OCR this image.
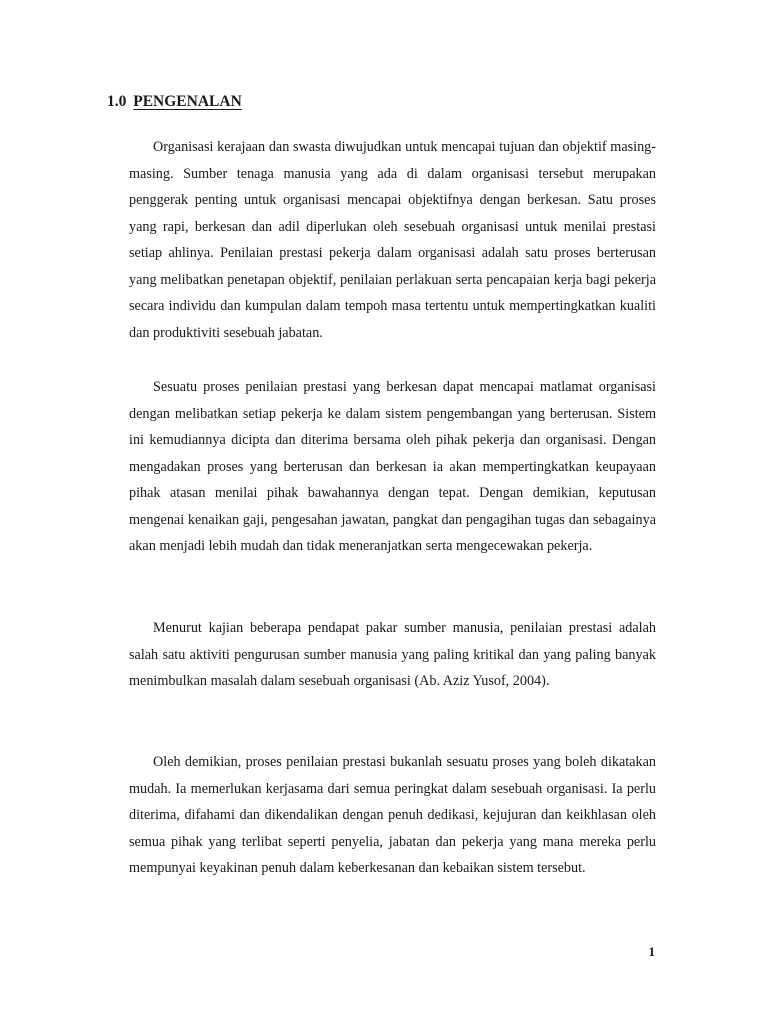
1.0 PENGENALAN

Organisasi kerajaan dan swasta diwujudkan untuk mencapai tujuan dan objektif masing-masing. Sumber tenaga manusia yang ada di dalam organisasi tersebut merupakan penggerak penting untuk organisasi mencapai objektifnya dengan berkesan. Satu proses yang rapi, berkesan dan adil diperlukan oleh sesebuah organisasi untuk menilai prestasi setiap ahlinya. Penilaian prestasi pekerja dalam organisasi adalah satu proses berterusan yang melibatkan penetapan objektif, penilaian perlakuan serta pencapaian kerja bagi pekerja secara individu dan kumpulan dalam tempoh masa tertentu untuk mempertingkatkan kualiti dan produktiviti sesebuah jabatan.

Sesuatu proses penilaian prestasi yang berkesan dapat mencapai matlamat organisasi dengan melibatkan setiap pekerja ke dalam sistem pengembangan yang berterusan. Sistem ini kemudiannya dicipta dan diterima bersama oleh pihak pekerja dan organisasi. Dengan mengadakan proses yang berterusan dan berkesan ia akan mempertingkatkan keupayaan pihak atasan menilai pihak bawahannya dengan tepat. Dengan demikian, keputusan mengenai kenaikan gaji, pengesahan jawatan, pangkat dan pengagihan tugas dan sebagainya akan menjadi lebih mudah dan tidak meneranjatkan serta mengecewakan pekerja.

Menurut kajian beberapa pendapat pakar sumber manusia, penilaian prestasi adalah salah satu aktiviti pengurusan sumber manusia yang paling kritikal dan yang paling banyak menimbulkan masalah dalam sesebuah organisasi (Ab. Aziz Yusof, 2004).

Oleh demikian, proses penilaian prestasi bukanlah sesuatu proses yang boleh dikatakan mudah. Ia memerlukan kerjasama dari semua peringkat dalam sesebuah organisasi. Ia perlu diterima, difahami dan dikendalikan dengan penuh dedikasi, kejujuran dan keikhlasan oleh semua pihak yang terlibat seperti penyelia, jabatan dan pekerja yang mana mereka perlu mempunyai keyakinan penuh dalam keberkesanan dan kebaikan sistem tersebut.

1
